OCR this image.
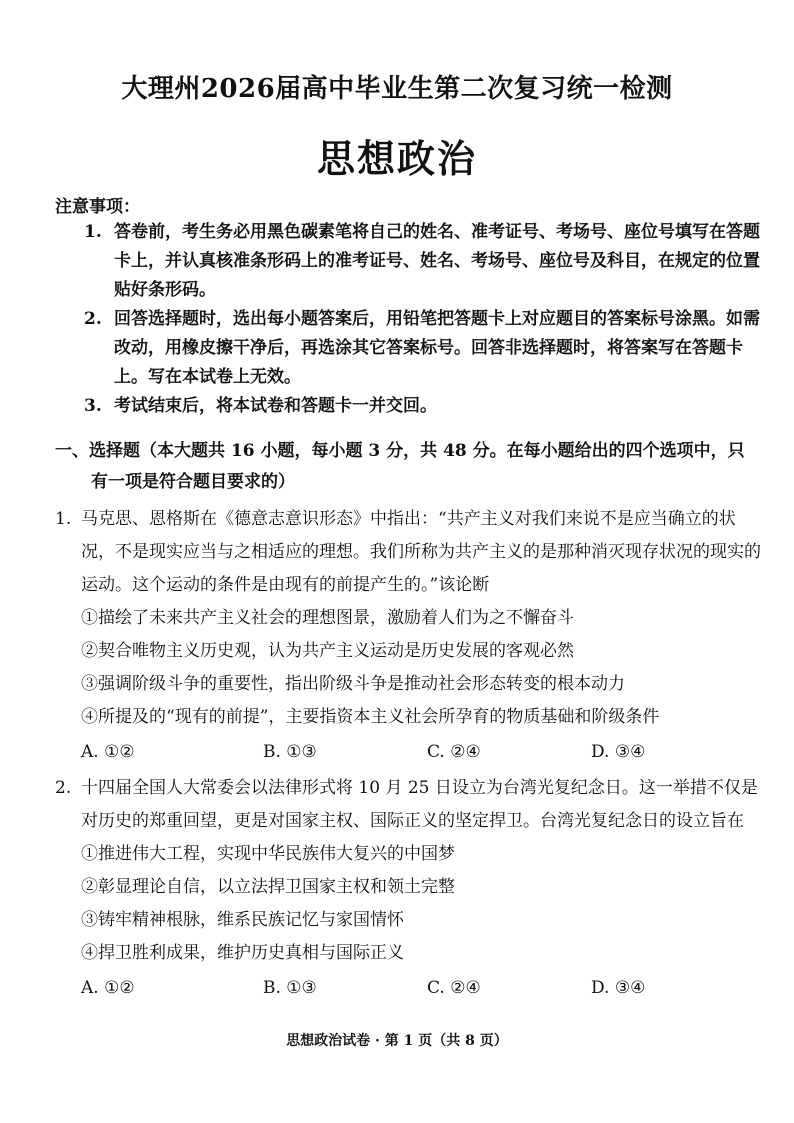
大理州2026届高中毕业生第二次复习统一检测
思想政治
注意事项：
1. 答卷前，考生务必用黑色碳素笔将自己的姓名、准考证号、考场号、座位号填写在答题卡上，并认真核准条形码上的准考证号、姓名、考场号、座位号及科目，在规定的位置贴好条形码。
2. 回答选择题时，选出每小题答案后，用铅笔把答题卡上对应题目的答案标号涂黑。如需改动，用橡皮擦干净后，再选涂其它答案标号。回答非选择题时，将答案写在答题卡上。写在本试卷上无效。
3. 考试结束后，将本试卷和答题卡一并交回。
一、选择题（本大题共 16 小题，每小题 3 分，共 48 分。在每小题给出的四个选项中，只
有一项是符合题目要求的）
1. 马克思、恩格斯在《德意志意识形态》中指出：“共产主义对我们来说不是应当确立的状况，不是现实应当与之相适应的理想。我们所称为共产主义的是那种消灭现存状况的现实的运动。这个运动的条件是由现有的前提产生的。”该论断
①描绘了未来共产主义社会的理想图景，激励着人们为之不懈奋斗
②契合唯物主义历史观，认为共产主义运动是历史发展的客观必然
③强调阶级斗争的重要性，指出阶级斗争是推动社会形态转变的根本动力
④所提及的“现有的前提”，主要指资本主义社会所孕育的物质基础和阶级条件
A. ①②	B. ①③	C. ②④	D. ③④
2. 十四届全国人大常委会以法律形式将 10 月 25 日设立为台湾光复纪念日。这一举措不仅是对历史的郑重回望，更是对国家主权、国际正义的坚定捍卫。台湾光复纪念日的设立旨在
①推进伟大工程，实现中华民族伟大复兴的中国梦
②彰显理论自信，以立法捍卫国家主权和领土完整
③铸牢精神根脉，维系民族记忆与家国情怀
④捍卫胜利成果，维护历史真相与国际正义
A. ①②	B. ①③	C. ②④	D. ③④
思想政治试卷 · 第 1 页（共 8 页）
